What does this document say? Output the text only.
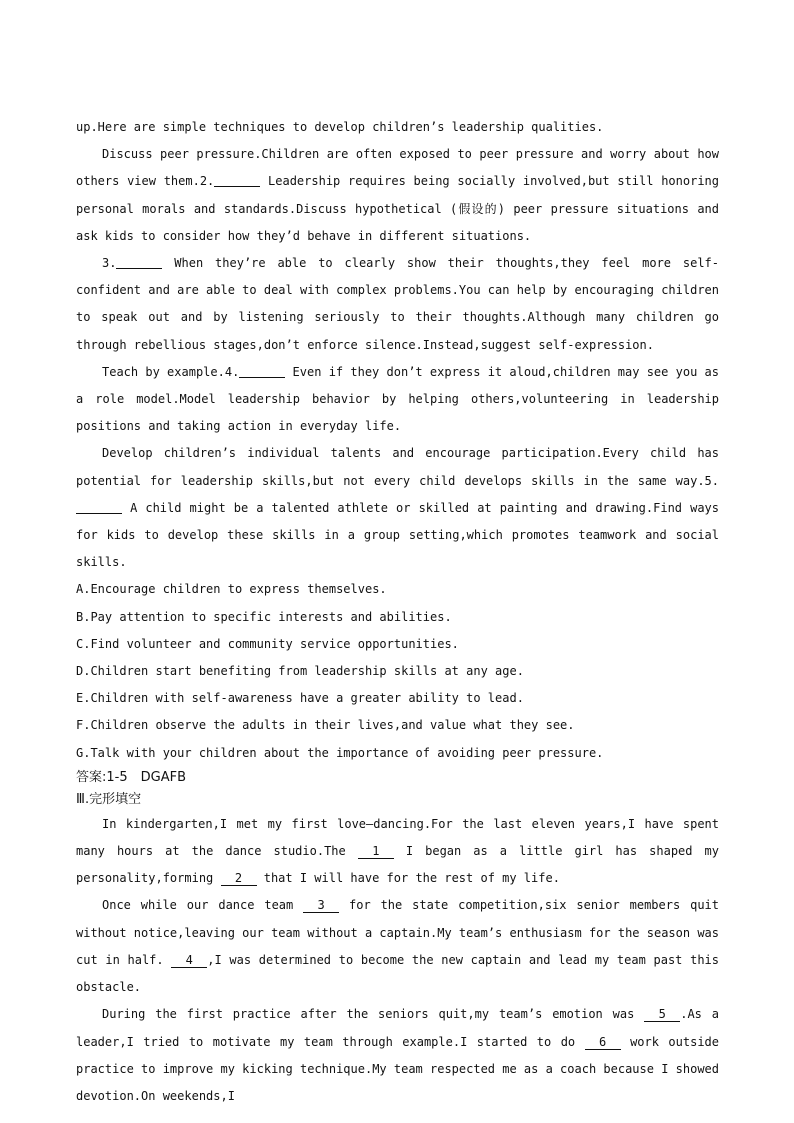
up.Here are simple techniques to develop children’s leadership qualities.
Discuss peer pressure.Children are often exposed to peer pressure and worry about how others view them.2.	Leadership requires being socially involved,but still honoring personal morals and standards.Discuss hypothetical (假设的) peer pressure situations and ask kids to consider how they’d behave in different situations.
3.	When they’re able to clearly show their thoughts,they feel more self-confident and are able to deal with complex problems.You can help by encouraging children to speak out and by listening seriously to their thoughts.Although many children go through rebellious stages,don’t enforce silence.Instead,suggest self-expression.
Teach by example.4.	Even if they don’t express it aloud,children may see you as a role model.Model leadership behavior by helping others,volunteering in leadership positions and taking action in everyday life.
Develop children’s individual talents and encourage participation.Every child has potential for leadership skills,but not every child develops skills in the same way.5. A child might be a talented athlete or skilled at painting and drawing.Find ways for kids to develop these skills in a group setting,which promotes teamwork and social skills.
A.Encourage children to express themselves.
B.Pay attention to specific interests and abilities.
C.Find volunteer and community service opportunities.
D.Children start benefiting from leadership skills at any age.
E.Children with self-awareness have a greater ability to lead.
F.Children observe the adults in their lives,and value what they see.
G.Talk with your children about the importance of avoiding peer pressure.
答案:1-5　DGAFB
Ⅲ.完形填空
In kindergarten,I met my first love—dancing.For the last eleven years,I have spent many hours at the dance studio.The 1 I began as a little girl has shaped my personality,forming 2 that I will have for the rest of my life.
Once while our dance team 3 for the state competition,six senior members quit without notice,leaving our team without a captain.My team’s enthusiasm for the season was cut in half. 4 ,I was determined to become the new captain and lead my team past this obstacle.
During the first practice after the seniors quit,my team’s emotion was 5 .As a leader,I tried to motivate my team through example.I started to do 6 work outside practice to improve my kicking technique.My team respected me as a coach because I showed devotion.On weekends,I
